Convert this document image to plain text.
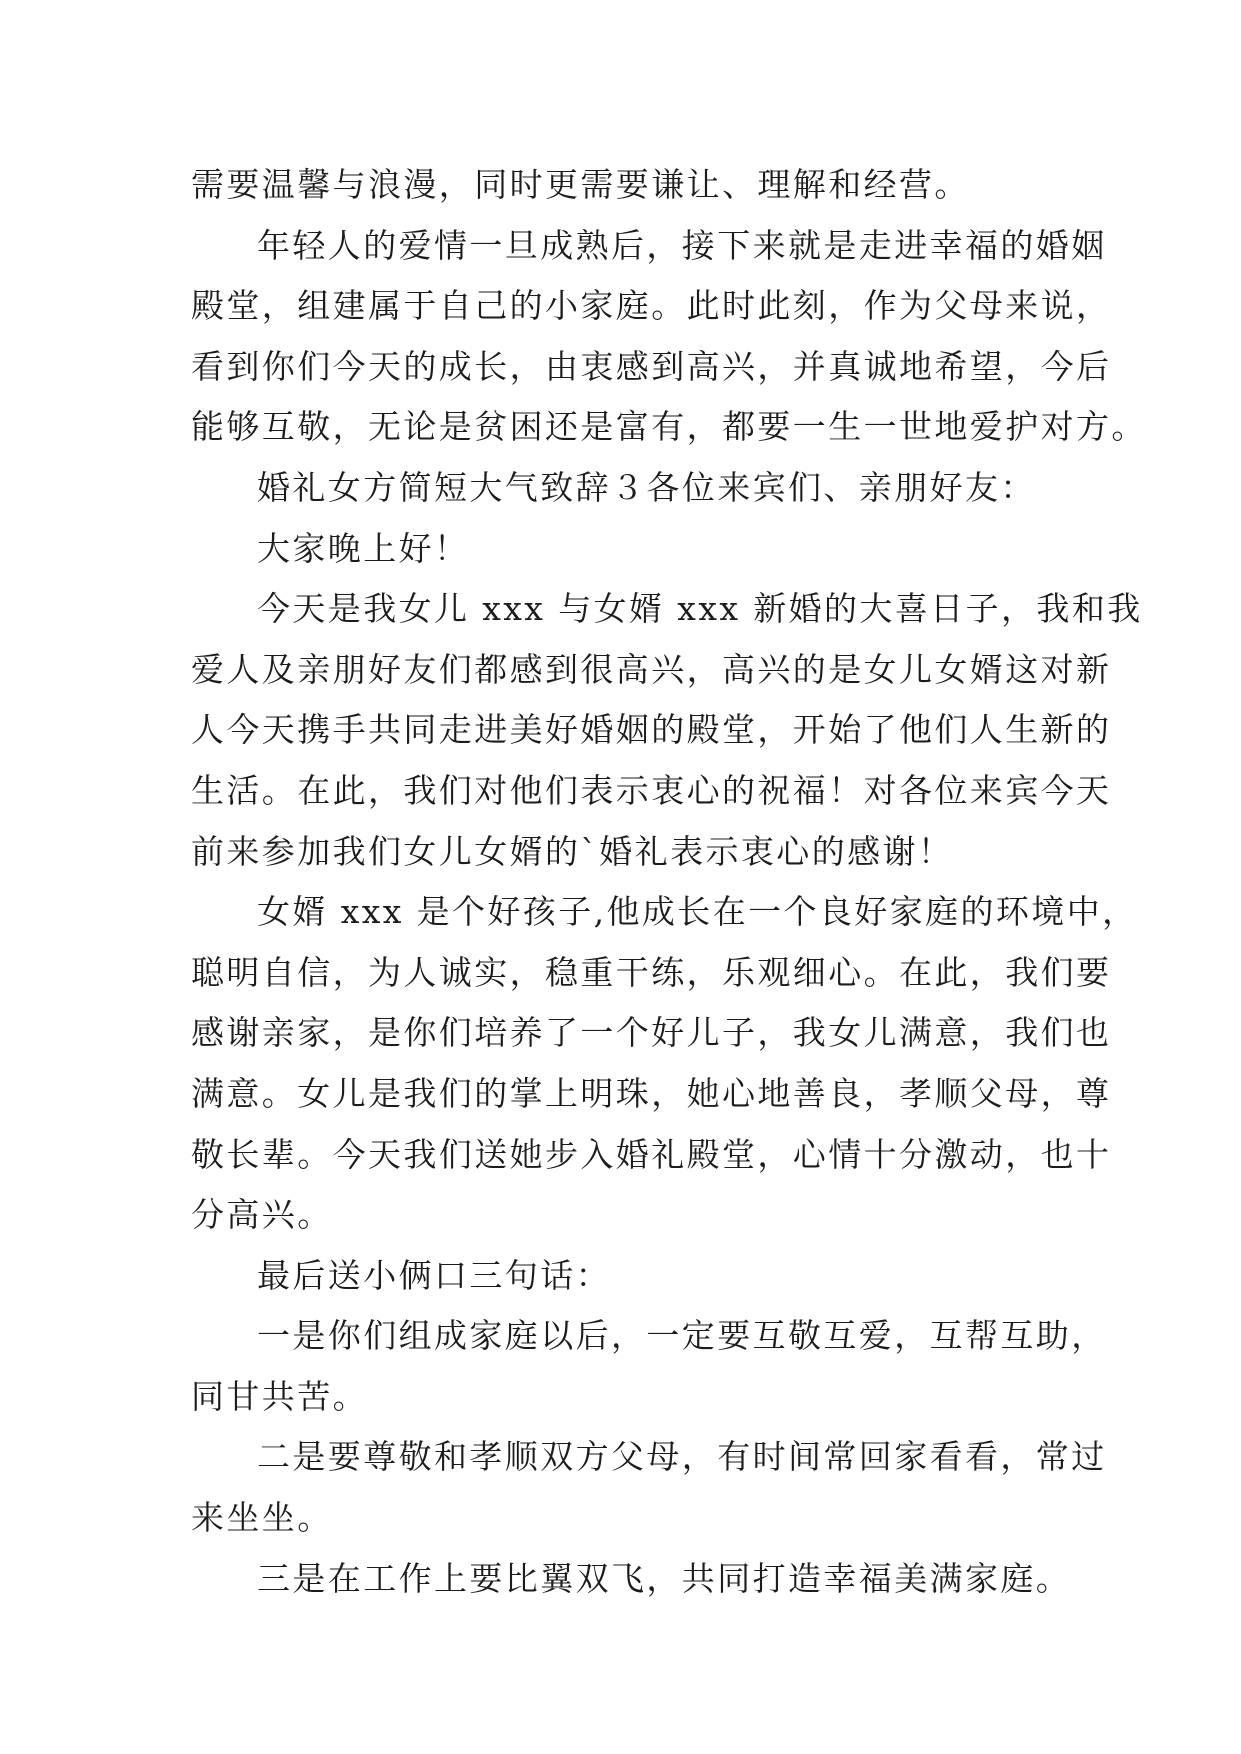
需要温馨与浪漫，同时更需要谦让、理解和经营。
年轻人的爱情一旦成熟后，接下来就是走进幸福的婚姻
殿堂，组建属于自己的小家庭。此时此刻，作为父母来说，
看到你们今天的成长，由衷感到高兴，并真诚地希望，今后
能够互敬，无论是贫困还是富有，都要一生一世地爱护对方。
婚礼女方简短大气致辞３各位来宾们、亲朋好友：
大家晚上好！
今天是我女儿 xxx 与女婿 xxx 新婚的大喜日子，我和我
爱人及亲朋好友们都感到很高兴，高兴的是女儿女婿这对新
人今天携手共同走进美好婚姻的殿堂，开始了他们人生新的
生活。在此，我们对他们表示衷心的祝福！对各位来宾今天
前来参加我们女儿女婿的`婚礼表示衷心的感谢！
女婿 xxx 是个好孩子,他成长在一个良好家庭的环境中，
聪明自信，为人诚实，稳重干练，乐观细心。在此，我们要
感谢亲家，是你们培养了一个好儿子，我女儿满意，我们也
满意。女儿是我们的掌上明珠，她心地善良，孝顺父母，尊
敬长辈。今天我们送她步入婚礼殿堂，心情十分激动，也十
分高兴。
最后送小俩口三句话：
一是你们组成家庭以后，一定要互敬互爱，互帮互助，
同甘共苦。
二是要尊敬和孝顺双方父母，有时间常回家看看，常过
来坐坐。
三是在工作上要比翼双飞，共同打造幸福美满家庭。
